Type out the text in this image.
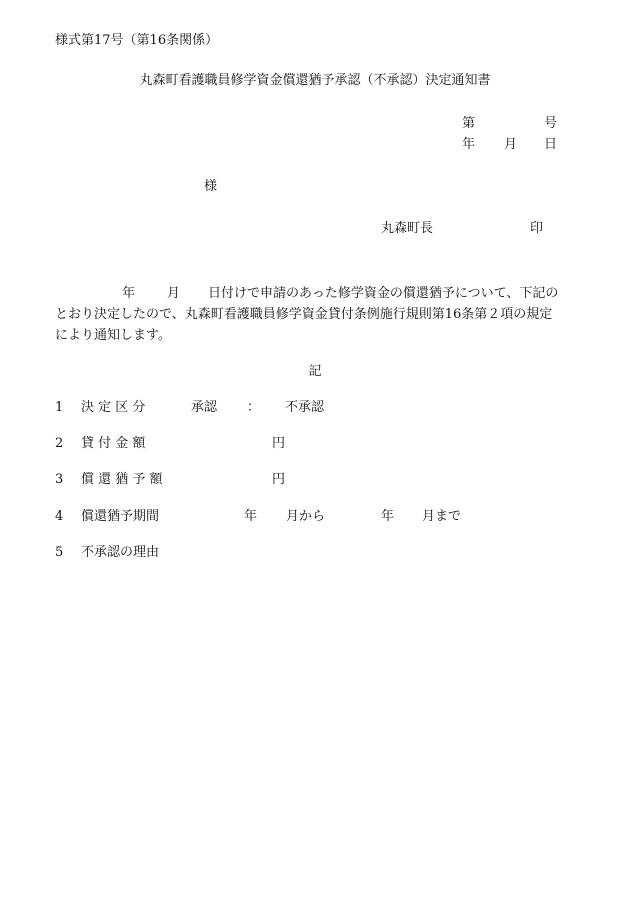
様式第17号（第16条関係）
丸森町看護職員修学資金償還猶予承認（不承認）決定通知書
第	号
年 月 日
様
丸森町長	印
年 月 日付けで申請のあった修学資金の償還猶予について、下記の
とおり決定したので、丸森町看護職員修学資金貸付条例施行規則第16条第２項の規定
により通知します。
記
1 決 定 区 分	承認 ： 不承認
2 貸 付 金 額	円
3 償 還 猶 予 額	円
4 償還猶予期間	年 月から	年 月まで
5 不承認の理由
